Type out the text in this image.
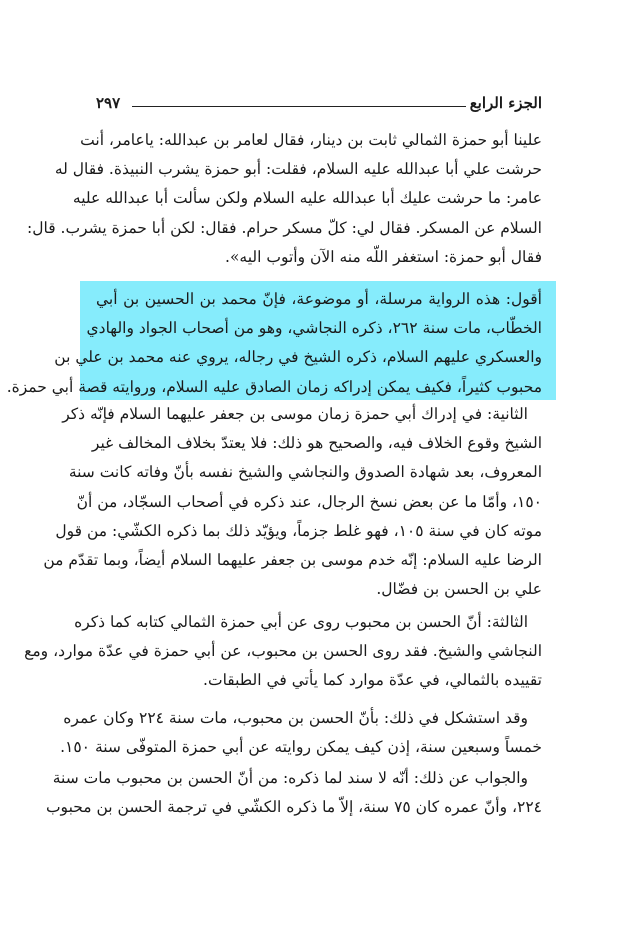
الجزء الرابع
٢٩٧
علينا أبو حمزة الثمالي ثابت بن دينار، فقال لعامر بن عبدالله: ياعامر، أنت
حرشت علي أبا عبدالله عليه السلام، فقلت: أبو حمزة يشرب النبيذة. فقال له
عامر: ما حرشت عليك أبا عبدالله عليه السلام ولكن سألت أبا عبدالله عليه
السلام عن المسكر. فقال لي: كلّ مسكر حرام. فقال: لكن أبا حمزة يشرب. قال:
فقال أبو حمزة: استغفر اللّه منه الآن وأتوب اليه».
أقول: هذه الرواية مرسلة، أو موضوعة، فإنّ محمد بن الحسين بن أبي
الخطّاب، مات سنة ٢٦٢، ذكره النجاشي، وهو من أصحاب الجواد والهادي
والعسكري عليهم السلام، ذكره الشيخ في رجاله، يروي عنه محمد بن علي بن
محبوب كثيراً، فكيف يمكن إدراكه زمان الصادق عليه السلام، وروايته قصة أبي حمزة.
الثانية: في إدراك أبي حمزة زمان موسى بن جعفر عليهما السلام فإنّه ذكر
الشيخ وقوع الخلاف فيه، والصحيح هو ذلك: فلا يعتدّ بخلاف المخالف غير
المعروف، بعد شهادة الصدوق والنجاشي والشيخ نفسه بأنّ وفاته كانت سنة
١٥٠، وأمّا ما عن بعض نسخ الرجال، عند ذكره في أصحاب السجّاد، من أنّ
موته كان في سنة ١٠٥، فهو غلط جزماً، ويؤيّد ذلك بما ذكره الكشّي: من قول
الرضا عليه السلام: إنّه خدم موسى بن جعفر عليهما السلام أيضاً، وبما تقدّم من
علي بن الحسن بن فضّال.
الثالثة: أنّ الحسن بن محبوب روى عن أبي حمزة الثمالي كتابه كما ذكره
النجاشي والشيخ. فقد روى الحسن بن محبوب، عن أبي حمزة في عدّة موارد، ومع
تقييده بالثمالي، في عدّة موارد كما يأتي في الطبقات.
وقد استشكل في ذلك: بأنّ الحسن بن محبوب، مات سنة ٢٢٤ وكان عمره
خمساً وسبعين سنة، إذن كيف يمكن روايته عن أبي حمزة المتوفّى سنة ١٥٠.
والجواب عن ذلك: أنّه لا سند لما ذكره: من أنّ الحسن بن محبوب مات سنة
٢٢٤، وأنّ عمره كان ٧٥ سنة، إلاّ ما ذكره الكشّي في ترجمة الحسن بن محبوب
